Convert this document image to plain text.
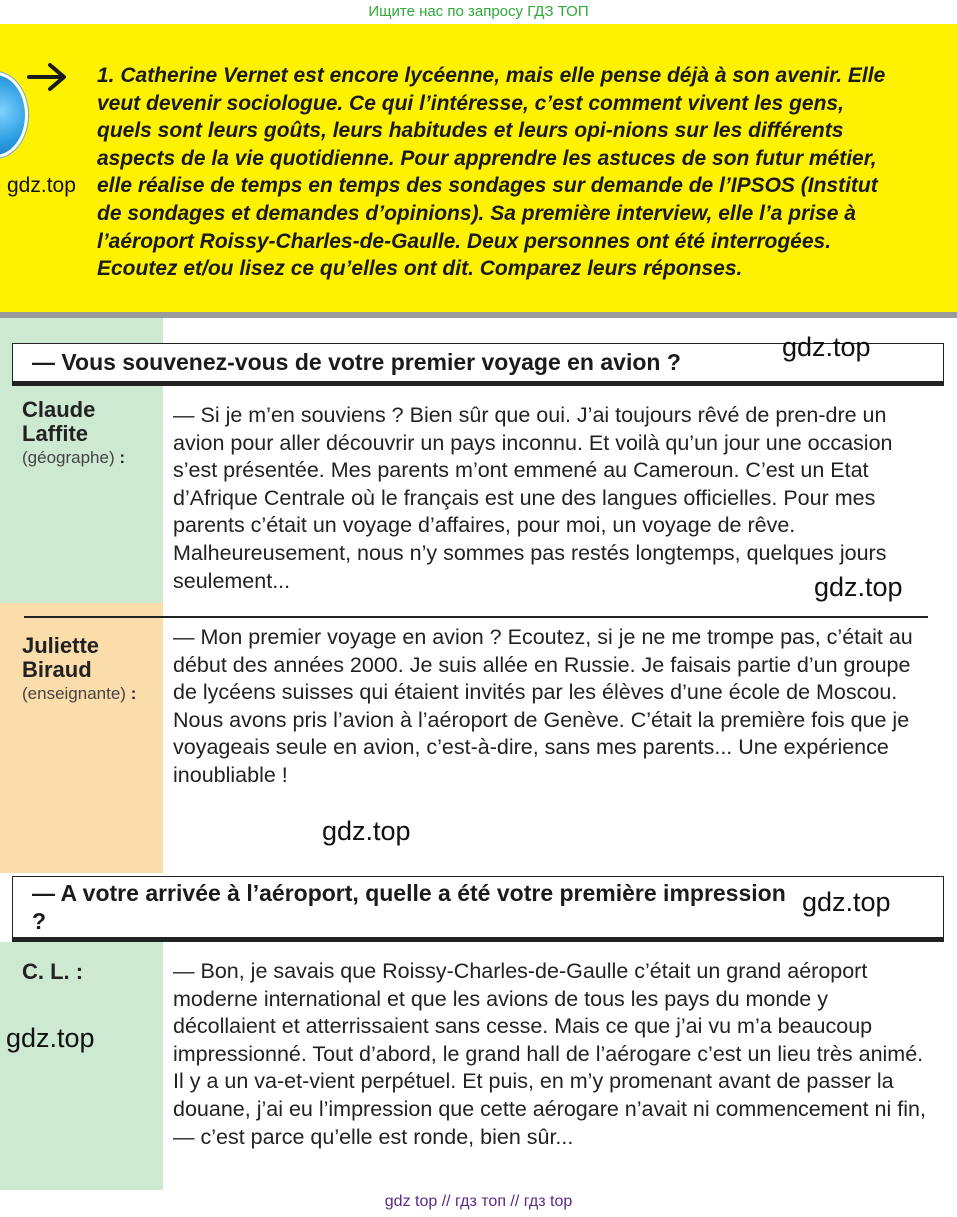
Ищите нас по запросу ГДЗ ТОП

1. Catherine Vernet est encore lycéenne, mais elle pense déjà à son avenir. Elle veut devenir sociologue. Ce qui l’intéresse, c’est comment vivent les gens, quels sont leurs goûts, leurs habitudes et leurs opi-nions sur les différents aspects de la vie quotidienne. Pour apprendre les astuces de son futur métier, elle réalise de temps en temps des sondages sur demande de l’IPSOS (Institut de sondages et demandes d’opinions). Sa première interview, elle l’a prise à l’aéroport Roissy-Charles-de-Gaulle. Deux personnes ont été interrogées. Ecoutez et/ou lisez ce qu’elles ont dit. Comparez leurs réponses.

gdz.top

— Vous souvenez-vous de votre premier voyage en avion ?	gdz.top
Claude
Laffite
(géographe) :

— Si je m’en souviens ? Bien sûr que oui. J’ai toujours rêvé de pren-dre un avion pour aller découvrir un pays inconnu. Et voilà qu’un jour une occasion s’est présentée. Mes parents m’ont emmené au Cameroun. C’est un Etat d’Afrique Centrale où le français est une des langues officielles. Pour mes parents c’était un voyage d’affaires, pour moi, un voyage de rêve. Malheureusement, nous n’y sommes pas restés longtemps, quelques jours seulement...	gdz.top
Juliette
Biraud
(enseignante) :

— Mon premier voyage en avion ? Ecoutez, si je ne me trompe pas, c’était au début des années 2000. Je suis allée en Russie. Je faisais partie d’un groupe de lycéens suisses qui étaient invités par les élèves d’une école de Moscou. Nous avons pris l’avion à l’aéroport de Genève. C’était la première fois que je voyageais seule en avion, c’est-à-dire, sans mes parents... Une expérience inoubliable !

gdz.top

— A votre arrivée à l’aéroport, quelle a été votre première impression ?

gdz.top
C. L. :
gdz.top

— Bon, je savais que Roissy-Charles-de-Gaulle c’était un grand aéroport moderne international et que les avions de tous les pays du monde y décollaient et atterrissaient sans cesse. Mais ce que j’ai vu m’a beaucoup impressionné. Tout d’abord, le grand hall de l’aérogare c’est un lieu très animé. Il y a un va-et-vient perpétuel. Et puis, en m’y promenant avant de passer la douane, j’ai eu l’impression que cette aérogare n’avait ni commencement ni fin, — c’est parce qu’elle est ronde, bien sûr...

gdz top // гдз топ // гдз top
